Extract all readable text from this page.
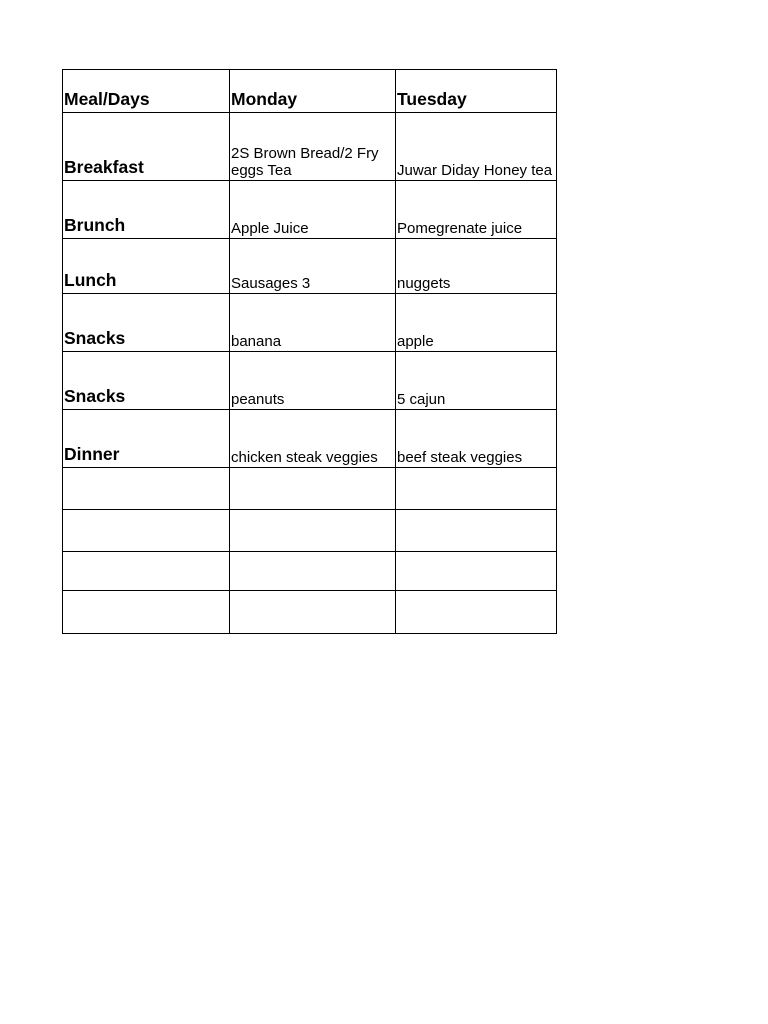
Meal/Days	Monday	Tuesday

Breakfast	2S Brown Bread/2 Fry eggs Tea	Juwar Diday Honey tea

Brunch	Apple Juice	Pomegrenate juice

Lunch	Sausages 3	nuggets

Snacks	banana	apple

Snacks	peanuts	5 cajun

Dinner	chicken steak veggies	beef steak veggies
